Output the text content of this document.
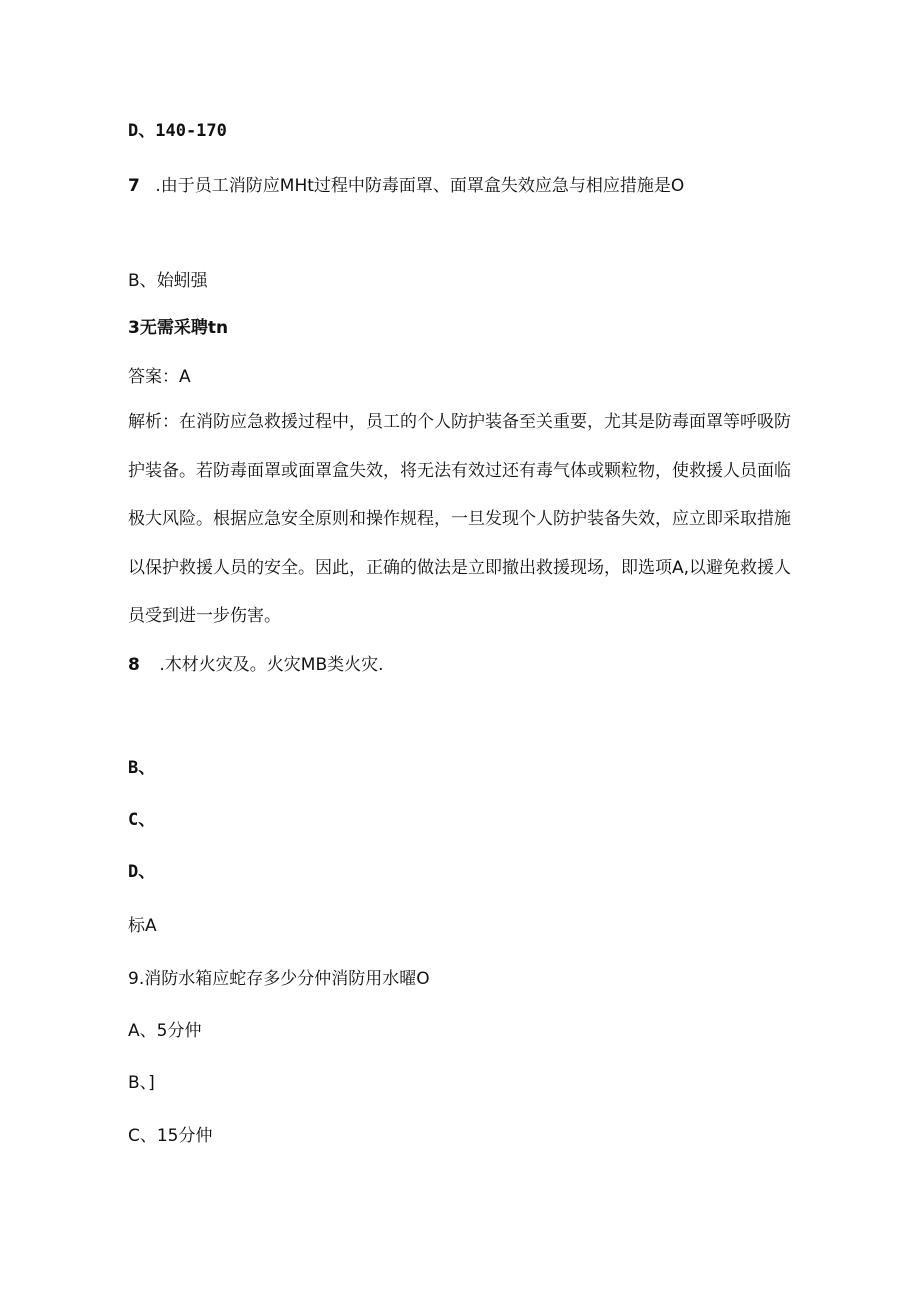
D、140-170
7 .由于员工消防应MHt过程中防毒面罩、面罩盒失效应急与相应措施是O
B、始蚓强
3无需采聘tn
答案：A
解析：在消防应急救援过程中，员工的个人防护装备至关重要，尤其是防毒面罩等呼吸防护装备。若防毒面罩或面罩盒失效，将无法有效过还有毒气体或颗粒物，使救援人员面临极大风险。根据应急安全原则和操作规程，一旦发现个人防护装备失效，应立即采取措施以保护救援人员的安全。因此，正确的做法是立即撤出救援现场，即选项A,以避免救援人员受到进一步伤害。
8 .木材火灾及。火灾MB类火灾.
B、
C、
D、
标A
9.消防水箱应蛇存多少分仲消防用水曜O
A、5分仲
B、]
C、15分仲
